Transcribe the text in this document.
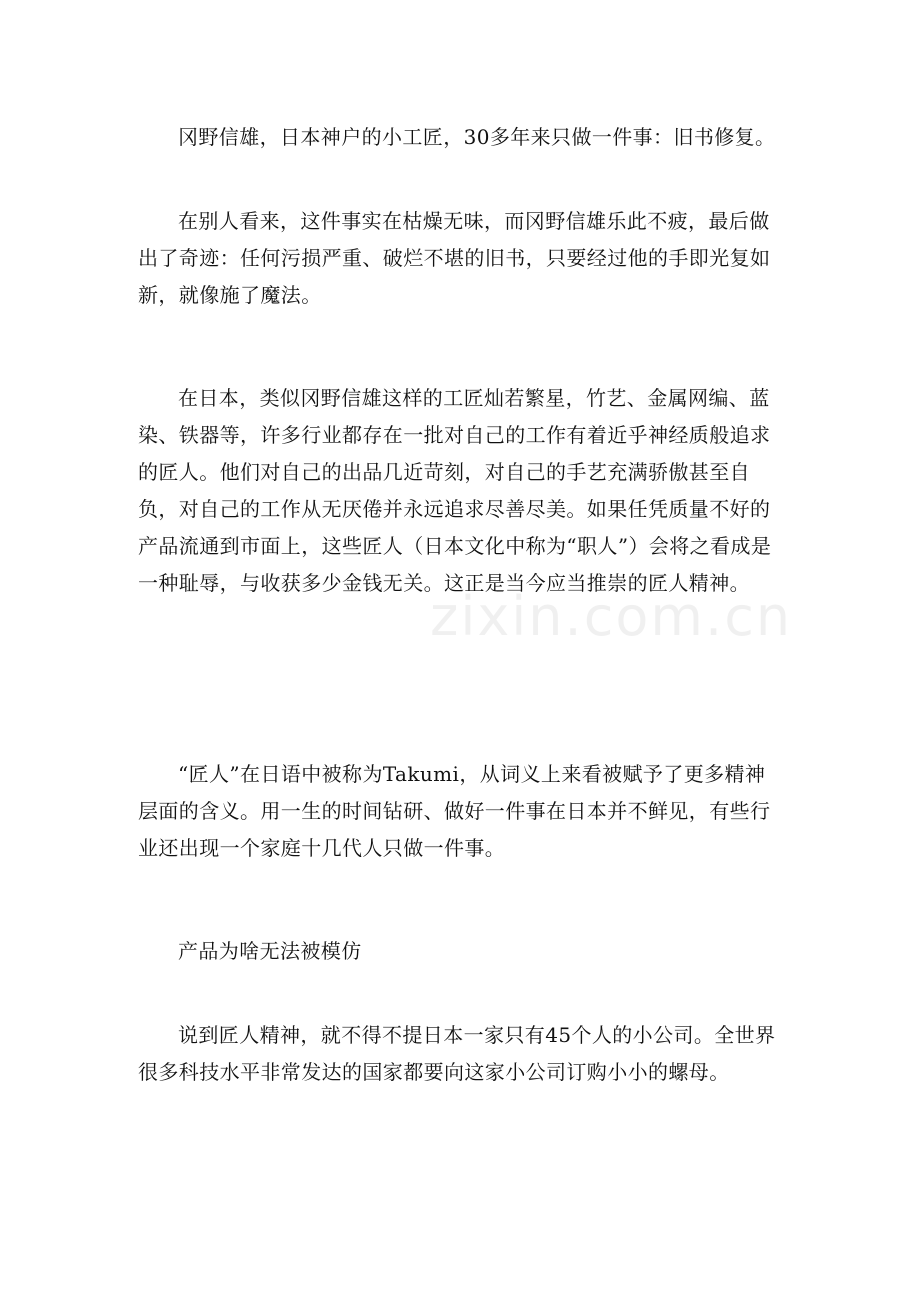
冈野信雄，日本神户的小工匠，30多年来只做一件事：旧书修复。

在别人看来，这件事实在枯燥无味，而冈野信雄乐此不疲，最后做出了奇迹：任何污损严重、破烂不堪的旧书，只要经过他的手即光复如新，就像施了魔法。

在日本，类似冈野信雄这样的工匠灿若繁星，竹艺、金属网编、蓝染、铁器等，许多行业都存在一批对自己的工作有着近乎神经质般追求的匠人。他们对自己的出品几近苛刻，对自己的手艺充满骄傲甚至自负，对自己的工作从无厌倦并永远追求尽善尽美。如果任凭质量不好的产品流通到市面上，这些匠人（日本文化中称为“职人”）会将之看成是一种耻辱，与收获多少金钱无关。这正是当今应当推崇的匠人精神。

“匠人”在日语中被称为Takumi，从词义上来看被赋予了更多精神层面的含义。用一生的时间钻研、做好一件事在日本并不鲜见，有些行业还出现一个家庭十几代人只做一件事。

产品为啥无法被模仿

说到匠人精神，就不得不提日本一家只有45个人的小公司。全世界很多科技水平非常发达的国家都要向这家小公司订购小小的螺母。

zixin.com.cn
